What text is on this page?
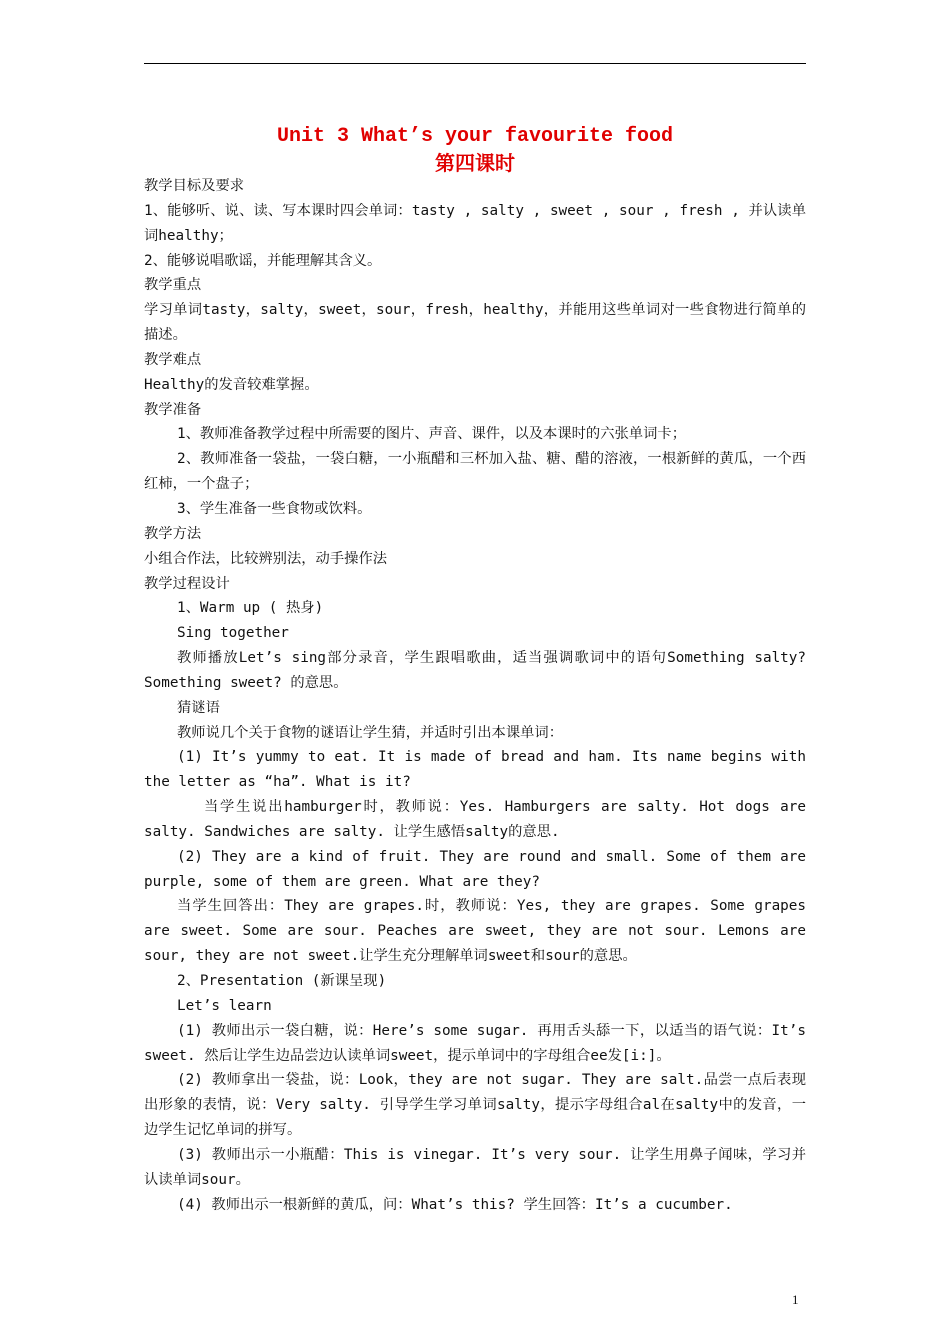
Unit 3 What’s your favourite food
第四课时

教学目标及要求

1、能够听、说、读、写本课时四会单词：tasty , salty , sweet , sour , fresh , 并认读单词healthy；

2、能够说唱歌谣，并能理解其含义。

教学重点

学习单词tasty，salty，sweet，sour，fresh，healthy，并能用这些单词对一些食物进行简单的描述。

教学难点

Healthy的发音较难掌握。

教学准备

1、教师准备教学过程中所需要的图片、声音、课件，以及本课时的六张单词卡；

2、教师准备一袋盐，一袋白糖，一小瓶醋和三杯加入盐、糖、醋的溶液，一根新鲜的黄瓜，一个西红柿，一个盘子；

3、学生准备一些食物或饮料。

教学方法

小组合作法，比较辨别法，动手操作法

教学过程设计

1、Warm up ( 热身)

Sing together

教师播放Let’s sing部分录音，学生跟唱歌曲，适当强调歌词中的语句Something salty? Something sweet? 的意思。

猜谜语

教师说几个关于食物的谜语让学生猜，并适时引出本课单词：

(1) It’s yummy to eat. It is made of bread and ham. Its name begins with the letter as “ha”. What is it?

当学生说出hamburger时，教师说：Yes. Hamburgers are salty. Hot dogs are salty. Sandwiches are salty. 让学生感悟salty的意思.

(2) They are a kind of fruit. They are round and small. Some of them are purple, some of them are green. What are they?

当学生回答出：They are grapes.时，教师说：Yes, they are grapes. Some grapes are sweet. Some are sour. Peaches are sweet, they are not sour. Lemons are sour, they are not sweet.让学生充分理解单词sweet和sour的意思。

2、Presentation (新课呈现)

Let’s learn

(1) 教师出示一袋白糖，说：Here’s some sugar. 再用舌头舔一下，以适当的语气说：It’s sweet. 然后让学生边品尝边认读单词sweet，提示单词中的字母组合ee发[i:]。

(2) 教师拿出一袋盐，说：Look，they are not sugar. They are salt.品尝一点后表现出形象的表情，说：Very salty. 引导学生学习单词salty，提示字母组合al在salty中的发音，一边学生记忆单词的拼写。

(3) 教师出示一小瓶醋：This is vinegar. It’s very sour. 让学生用鼻子闻味，学习并认读单词sour。

(4) 教师出示一根新鲜的黄瓜，问：What’s this? 学生回答：It’s a cucumber.

1
